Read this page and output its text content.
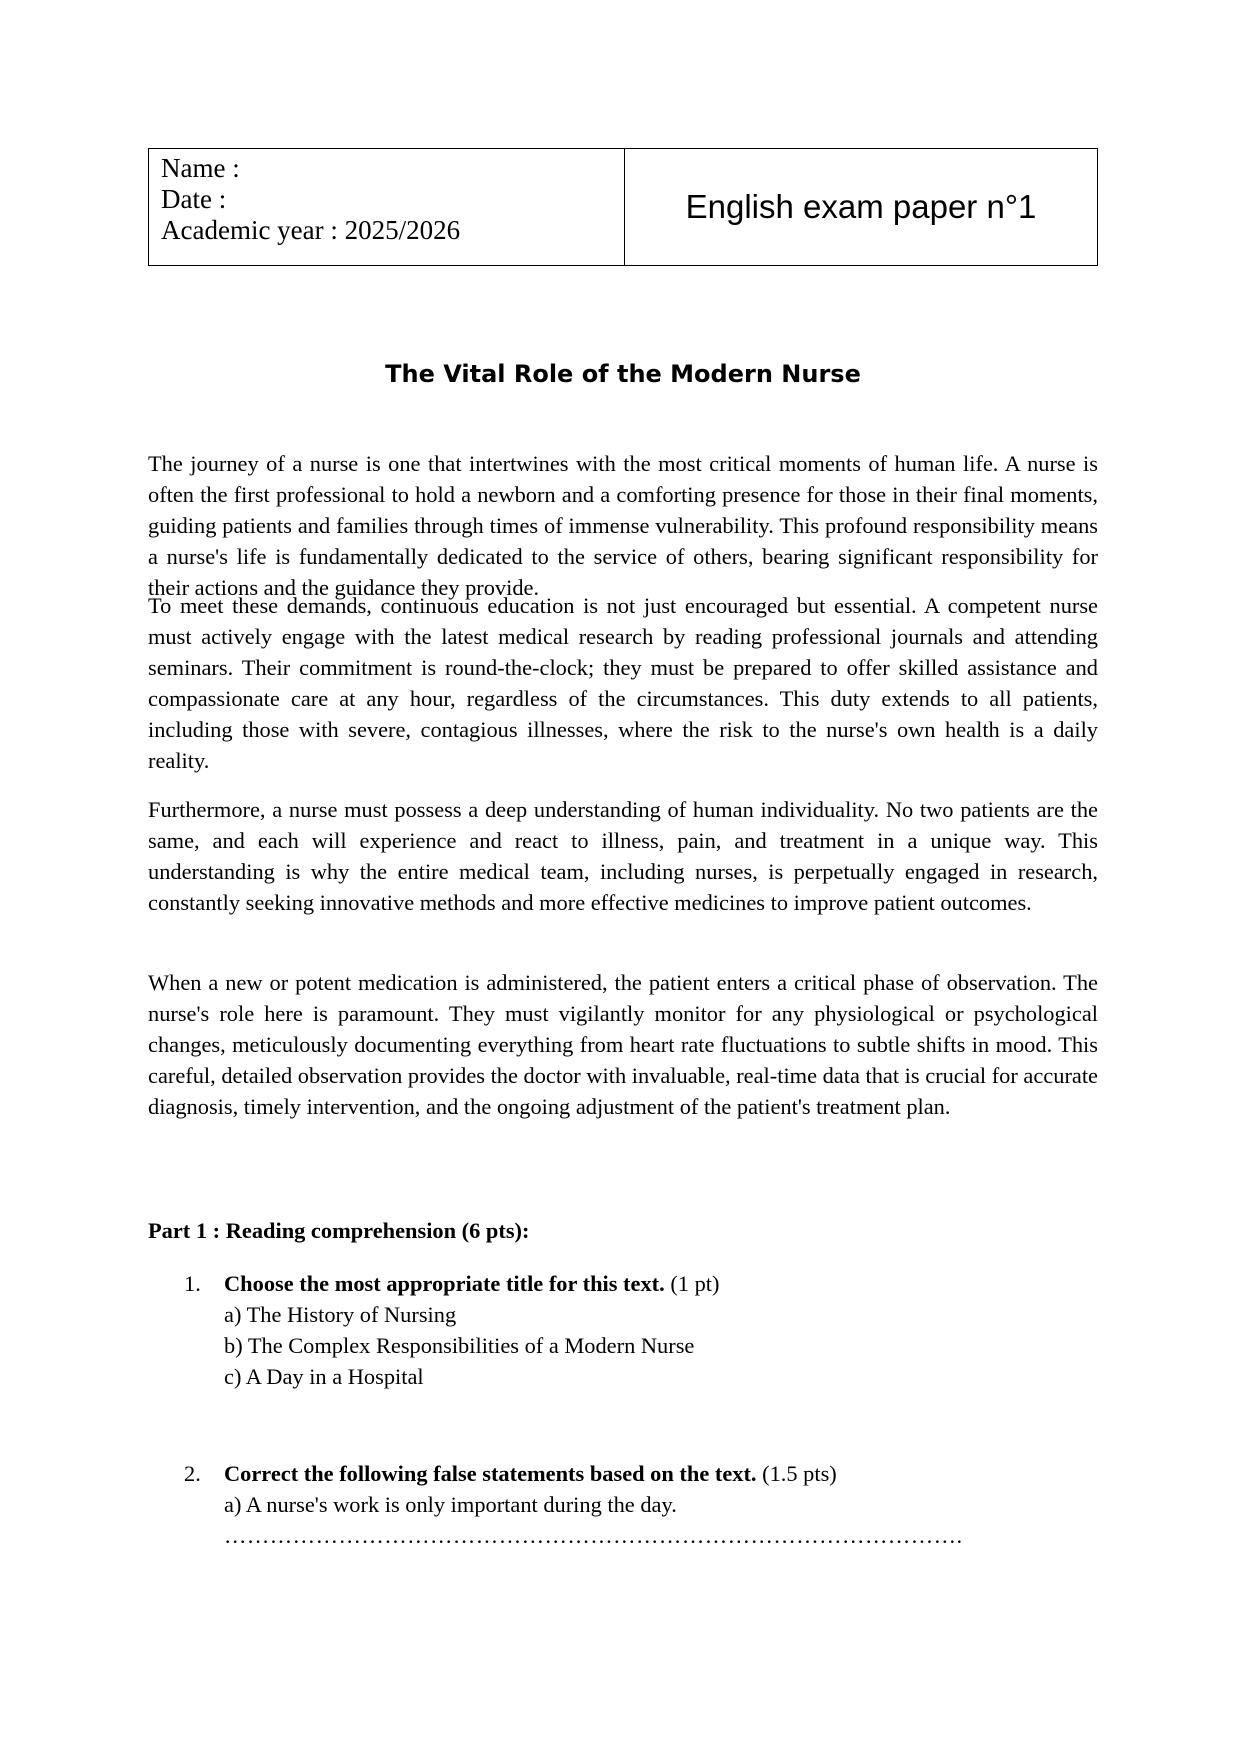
Name :
Date :
Academic year : 2025/2026
English exam paper n°1
The Vital Role of the Modern Nurse

The journey of a nurse is one that intertwines with the most critical moments of human life. A nurse is often the first professional to hold a newborn and a comforting presence for those in their final moments, guiding patients and families through times of immense vulnerability. This profound responsibility means a nurse's life is fundamentally dedicated to the service of others, bearing significant responsibility for their actions and the guidance they provide.

To meet these demands, continuous education is not just encouraged but essential. A competent nurse must actively engage with the latest medical research by reading professional journals and attending seminars. Their commitment is round-the-clock; they must be prepared to offer skilled assistance and compassionate care at any hour, regardless of the circumstances. This duty extends to all patients, including those with severe, contagious illnesses, where the risk to the nurse's own health is a daily reality.

Furthermore, a nurse must possess a deep understanding of human individuality. No two patients are the same, and each will experience and react to illness, pain, and treatment in a unique way. This understanding is why the entire medical team, including nurses, is perpetually engaged in research, constantly seeking innovative methods and more effective medicines to improve patient outcomes.

When a new or potent medication is administered, the patient enters a critical phase of observation. The nurse's role here is paramount. They must vigilantly monitor for any physiological or psychological changes, meticulously documenting everything from heart rate fluctuations to subtle shifts in mood. This careful, detailed observation provides the doctor with invaluable, real-time data that is crucial for accurate diagnosis, timely intervention, and the ongoing adjustment of the patient's treatment plan.

Part 1 : Reading comprehension (6 pts):
1.	Choose the most appropriate title for this text. (1 pt)
a) The History of Nursing
b) The Complex Responsibilities of a Modern Nurse
c) A Day in a Hospital
2.	Correct the following false statements based on the text. (1.5 pts)
a) A nurse's work is only important during the day.
…………………………………………………………………………………….
